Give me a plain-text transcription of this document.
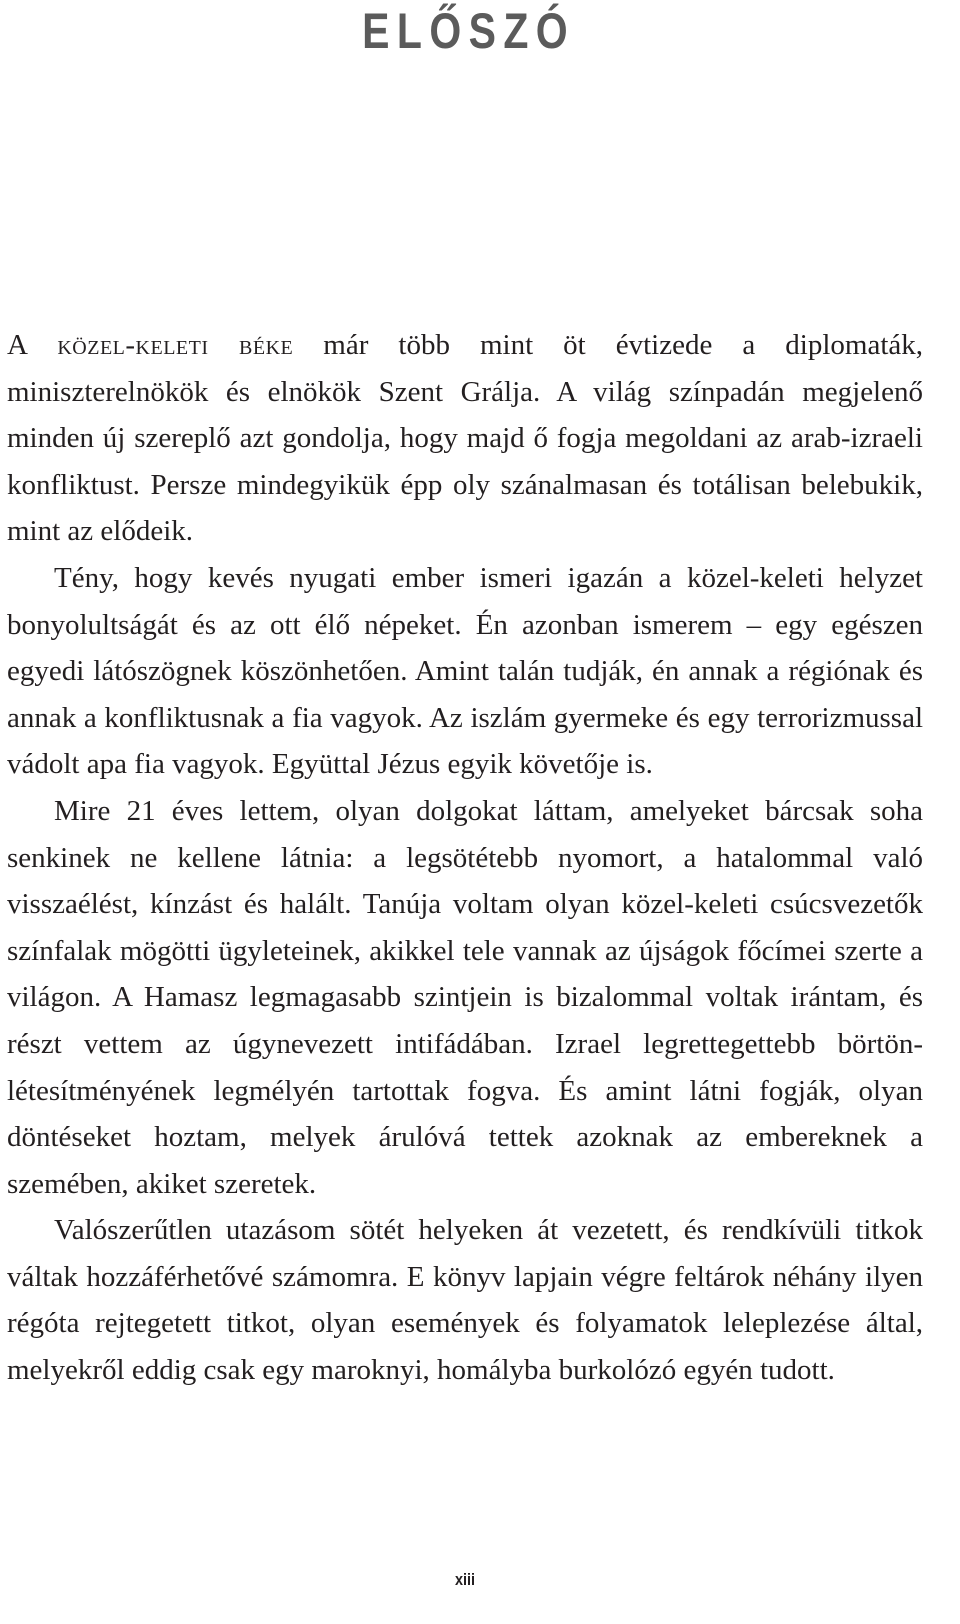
ELŐSZÓ

A közel-keleti béke már több mint öt évtizede a diplomaták, miniszterelnökök és elnökök Szent Grálja. A világ színpadán megjelenő minden új szereplő azt gondolja, hogy majd ő fogja megoldani az arab-izraeli konfliktust. Persze mindegyikük épp oly szánalmasan és totálisan belebukik, mint az elődeik.

Tény, hogy kevés nyugati ember ismeri igazán a közel-keleti helyzet bonyolultságát és az ott élő népeket. Én azonban ismerem – egy egészen egyedi látószögnek köszönhetően. Amint talán tudják, én annak a régiónak és annak a konfliktusnak a fia vagyok. Az iszlám gyermeke és egy terrorizmussal vádolt apa fia vagyok. Együttal Jézus egyik követője is.

Mire 21 éves lettem, olyan dolgokat láttam, amelyeket bárcsak soha senkinek ne kellene látnia: a legsötétebb nyomort, a hatalommal való visszaélést, kínzást és halált. Tanúja voltam olyan közel-keleti csúcsvezetők színfalak mögötti ügyleteinek, akikkel tele vannak az újságok főcímei szerte a világon. A Hamasz legmagasabb szintjein is bizalommal voltak irántam, és részt vettem az úgynevezett intifádában. Izrael legrettegettebb börtön-létesítményének legmélyén tartottak fogva. És amint látni fogják, olyan döntéseket hoztam, melyek árulóvá tettek azoknak az embereknek a szemében, akiket szeretek.

Valószerűtlen utazásom sötét helyeken át vezetett, és rendkívüli titkok váltak hozzáférhetővé számomra. E könyv lapjain végre feltárok néhány ilyen régóta rejtegetett titkot, olyan események és folyamatok leleplezése által, melyekről eddig csak egy maroknyi, homályba burkolózó egyén tudott.

xiii
